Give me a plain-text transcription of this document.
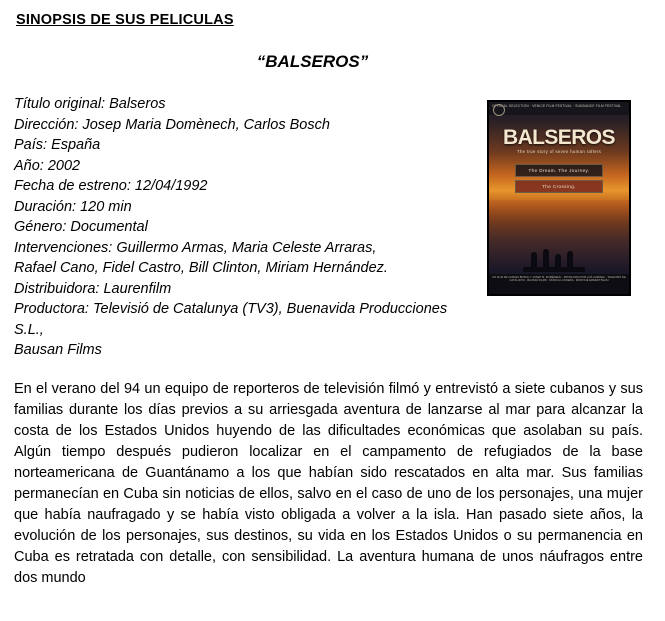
SINOPSIS DE SUS PELICULAS
“BALSEROS”
OFFICIAL SELECTION · VENICE FILM FESTIVAL · SUNDANCE FILM FESTIVAL
BALSEROS
The true story of seven human rafters
The Dream. The Journey.
The Crossing.
UN FILM DE CARLES BOSCH Y JOSEP M. DOMÈNECH · PRODUCIDA POR LOÀ CAMINAL · TELEVISIÓ DE CATALUNYA · BAUSAN FILMS · MÚSICA LUCREZIA · MONTAJE ERNEST BLASI
Título original: Balseros
Dirección: Josep Maria Domènech, Carlos Bosch
País: España
Año: 2002
Fecha de estreno: 12/04/1992
Duración: 120 min
Género: Documental
Intervenciones: Guillermo Armas, Maria Celeste Arraras,
Rafael Cano, Fidel Castro, Bill Clinton, Miriam Hernández.
Distribuidora: Laurenfilm
Productora: Televisió de Catalunya (TV3), Buenavida Producciones S.L.,
Bausan Films
En el verano del 94 un equipo de reporteros de televisión filmó y entrevistó a siete cubanos y sus familias durante los días previos a su arriesgada aventura de lanzarse al mar para alcanzar la costa de los Estados Unidos huyendo de las dificultades económicas que asolaban su país. Algún tiempo después pudieron localizar en el campamento de refugiados de la base norteamericana de Guantánamo a los que habían sido rescatados en alta mar. Sus familias permanecían en Cuba sin noticias de ellos, salvo en el caso de uno de los personajes, una mujer que había naufragado y se había visto obligada a volver a la isla. Han pasado siete años, la evolución de los personajes, sus destinos, su vida en los Estados Unidos o su permanencia en Cuba es retratada con detalle, con sensibilidad. La aventura humana de unos náufragos entre dos mundo
